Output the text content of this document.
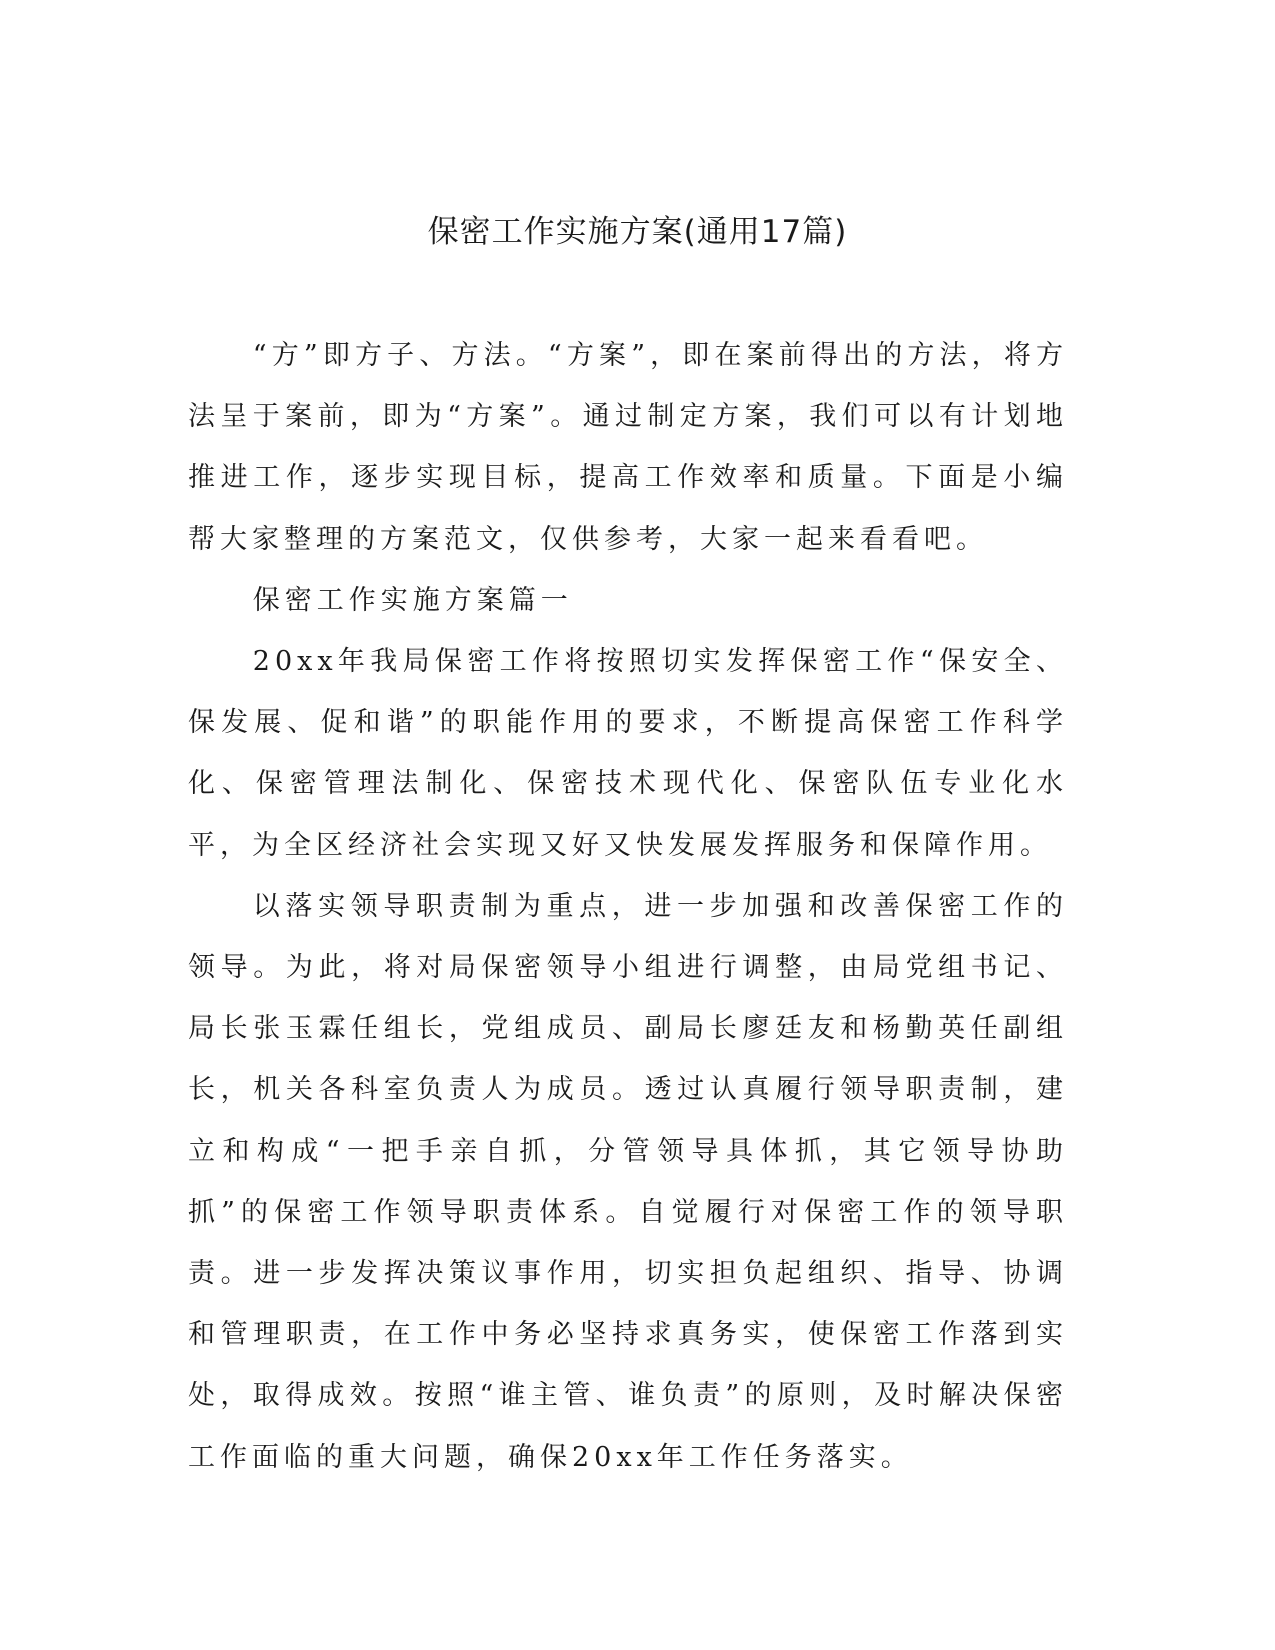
保密工作实施方案(通用17篇)

“方”即方子、方法。“方案”，即在案前得出的方法，将方法呈于案前，即为“方案”。通过制定方案，我们可以有计划地推进工作，逐步实现目标，提高工作效率和质量。下面是小编帮大家整理的方案范文，仅供参考，大家一起来看看吧。

保密工作实施方案篇一

20xx年我局保密工作将按照切实发挥保密工作“保安全、保发展、促和谐”的职能作用的要求，不断提高保密工作科学化、保密管理法制化、保密技术现代化、保密队伍专业化水平，为全区经济社会实现又好又快发展发挥服务和保障作用。

以落实领导职责制为重点，进一步加强和改善保密工作的领导。为此，将对局保密领导小组进行调整，由局党组书记、局长张玉霖任组长，党组成员、副局长廖廷友和杨勤英任副组长，机关各科室负责人为成员。透过认真履行领导职责制，建立和构成“一把手亲自抓，分管领导具体抓，其它领导协助抓”的保密工作领导职责体系。自觉履行对保密工作的领导职责。进一步发挥决策议事作用，切实担负起组织、指导、协调和管理职责，在工作中务必坚持求真务实，使保密工作落到实处，取得成效。按照“谁主管、谁负责”的原则，及时解决保密工作面临的重大问题，确保20xx年工作任务落实。
